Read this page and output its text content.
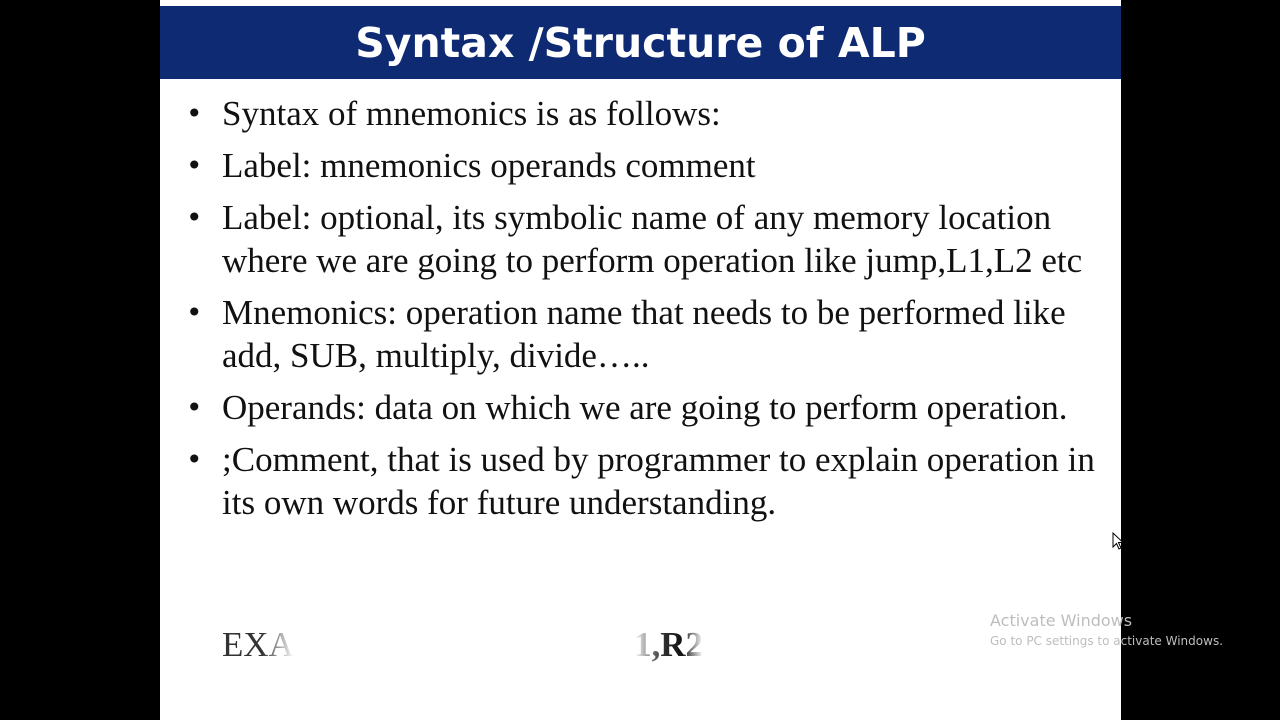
Syntax /Structure of ALP
• Syntax of mnemonics is as follows:
• Label: mnemonics operands comment
• Label: optional, its symbolic name of any memory location where we are going to perform operation like jump,L1,L2 etc
• Mnemonics: operation name that needs to be performed like add, SUB, multiply, divide…..
• Operands: data on which we are going to perform operation.
• ;Comment, that is used by programmer to explain operation in its own words for future understanding.
EXA	1,R2
Activate Windows
Go to PC settings to activate Windows.
